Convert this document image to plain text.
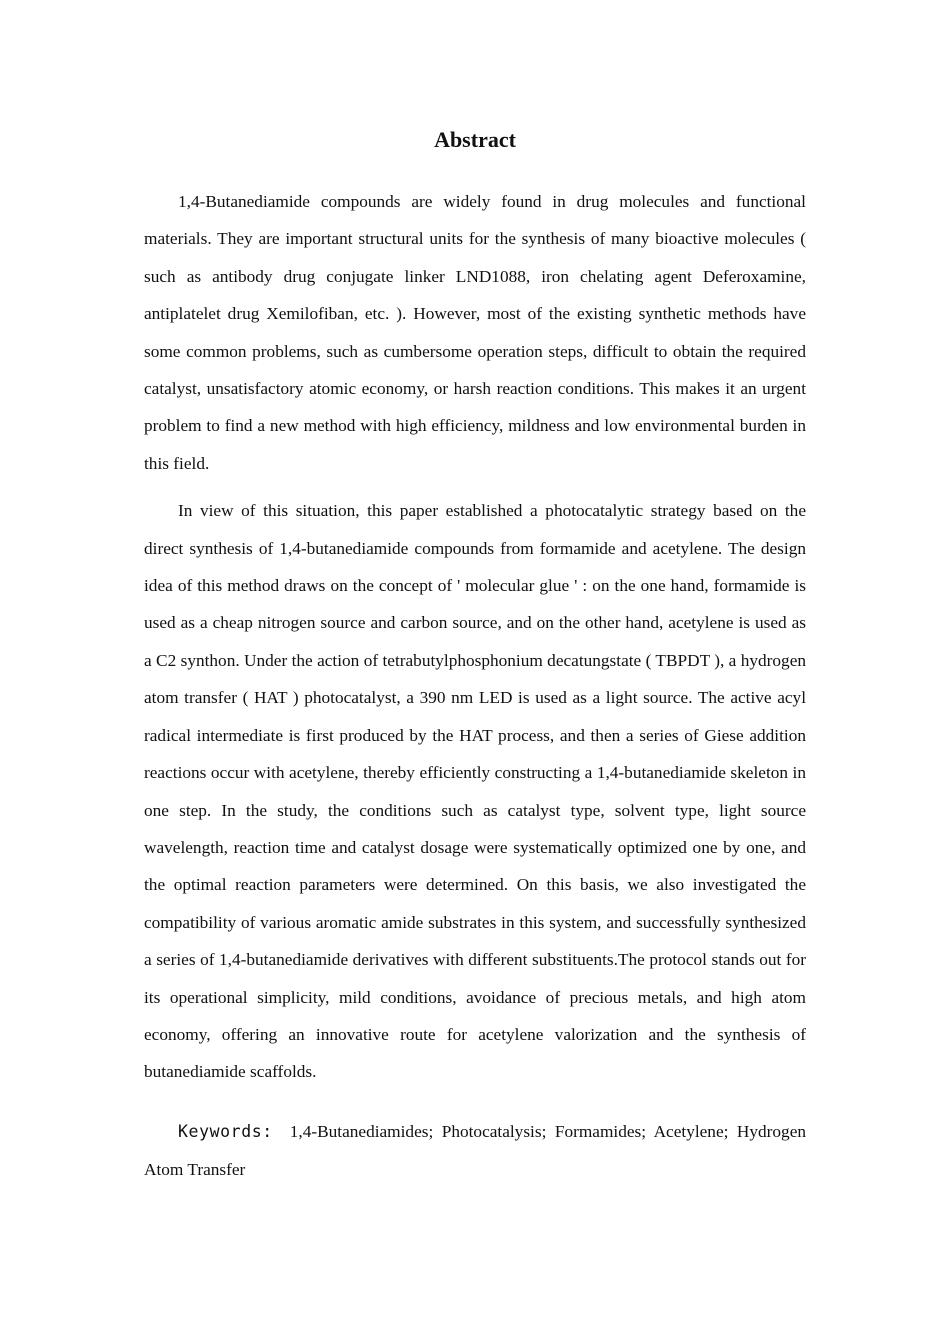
Abstract

1,4-Butanediamide compounds are widely found in drug molecules and functional materials. They are important structural units for the synthesis of many bioactive molecules ( such as antibody drug conjugate linker LND1088, iron chelating agent Deferoxamine, antiplatelet drug Xemilofiban, etc. ). However, most of the existing synthetic methods have some common problems, such as cumbersome operation steps, difficult to obtain the required catalyst, unsatisfactory atomic economy, or harsh reaction conditions. This makes it an urgent problem to find a new method with high efficiency, mildness and low environmental burden in this field.

In view of this situation, this paper established a photocatalytic strategy based on the direct synthesis of 1,4-butanediamide compounds from formamide and acetylene. The design idea of this method draws on the concept of ' molecular glue ' : on the one hand, formamide is used as a cheap nitrogen source and carbon source, and on the other hand, acetylene is used as a C2 synthon. Under the action of tetrabutylphosphonium decatungstate ( TBPDT ), a hydrogen atom transfer ( HAT ) photocatalyst, a 390 nm LED is used as a light source. The active acyl radical intermediate is first produced by the HAT process, and then a series of Giese addition reactions occur with acetylene, thereby efficiently constructing a 1,4-butanediamide skeleton in one step. In the study, the conditions such as catalyst type, solvent type, light source wavelength, reaction time and catalyst dosage were systematically optimized one by one, and the optimal reaction parameters were determined. On this basis, we also investigated the compatibility of various aromatic amide substrates in this system, and successfully synthesized a series of 1,4-butanediamide derivatives with different substituents.The protocol stands out for its operational simplicity, mild conditions, avoidance of precious metals, and high atom economy, offering an innovative route for acetylene valorization and the synthesis of butanediamide scaffolds.

Keywords: 1,4-Butanediamides; Photocatalysis; Formamides; Acetylene; Hydrogen Atom Transfer
